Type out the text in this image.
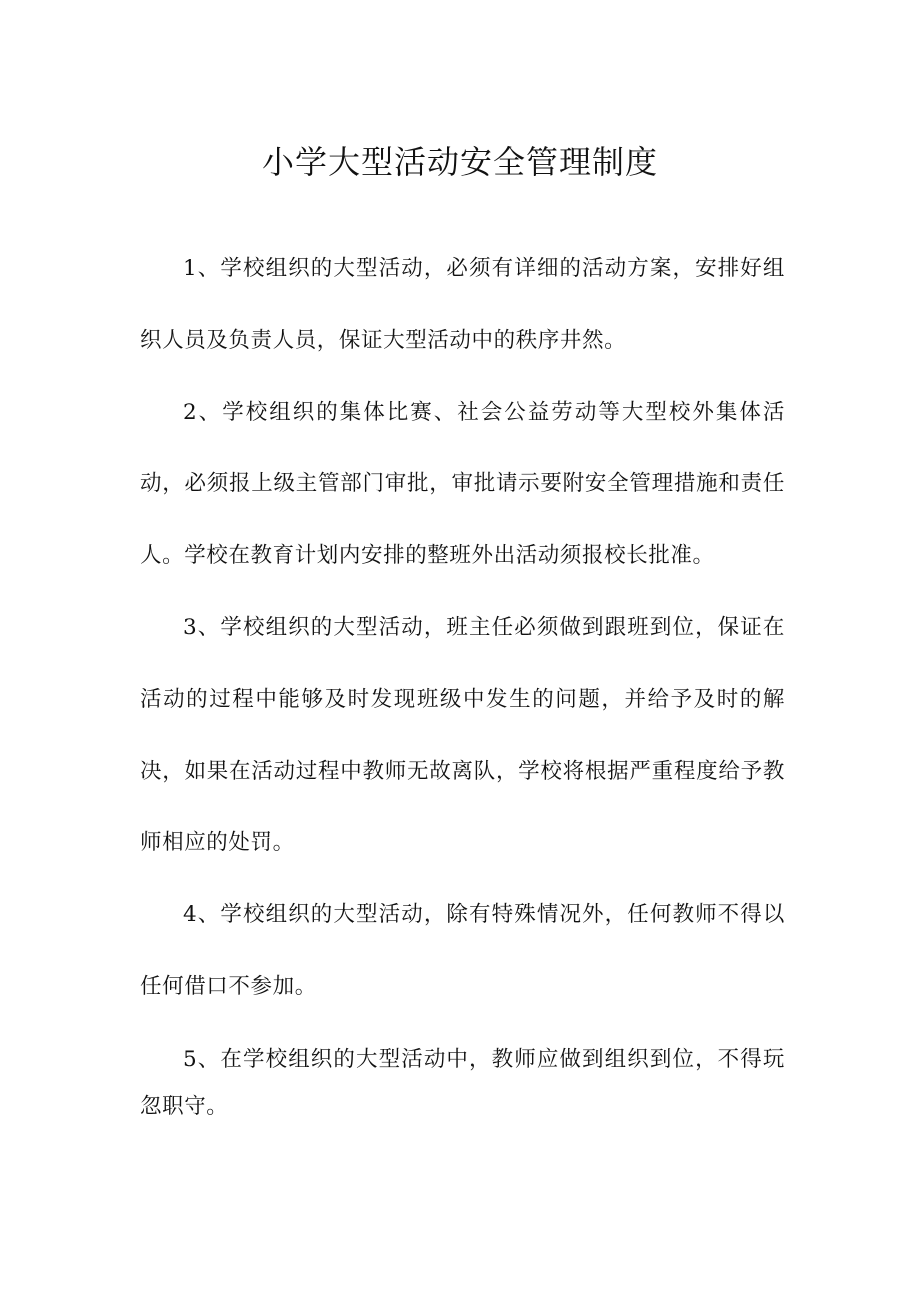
小学大型活动安全管理制度

1、学校组织的大型活动，必须有详细的活动方案，安排好组织人员及负责人员，保证大型活动中的秩序井然。

2、学校组织的集体比赛、社会公益劳动等大型校外集体活动，必须报上级主管部门审批，审批请示要附安全管理措施和责任人。学校在教育计划内安排的整班外出活动须报校长批准。

3、学校组织的大型活动，班主任必须做到跟班到位，保证在活动的过程中能够及时发现班级中发生的问题，并给予及时的解决，如果在活动过程中教师无故离队，学校将根据严重程度给予教师相应的处罚。

4、学校组织的大型活动，除有特殊情况外，任何教师不得以任何借口不参加。

5、在学校组织的大型活动中，教师应做到组织到位，不得玩忽职守。
